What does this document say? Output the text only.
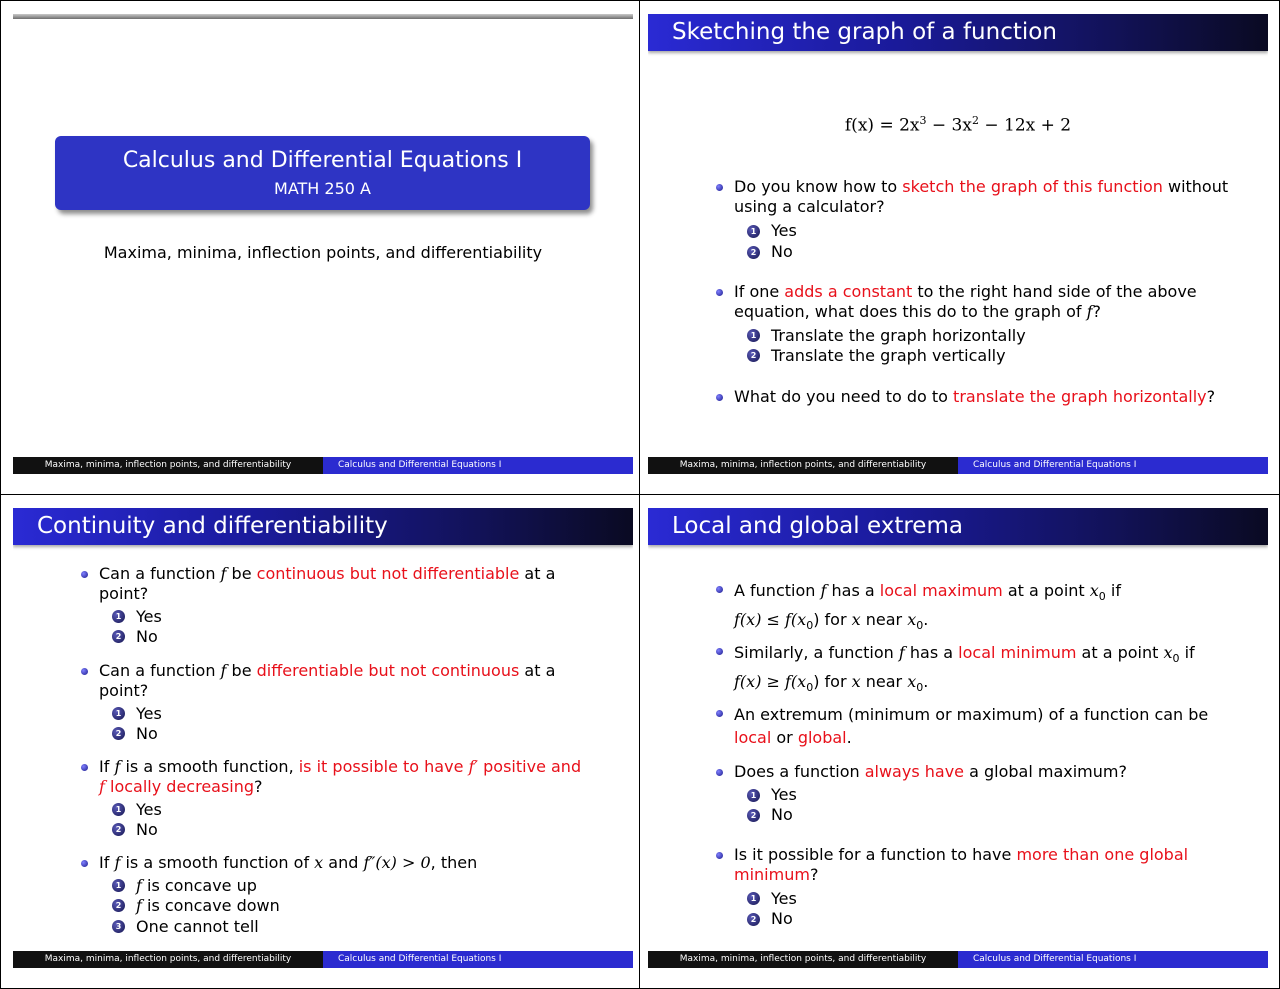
Calculus and Differential Equations I
MATH 250 A
Maxima, minima, inflection points, and differentiability
Maxima, minima, inflection points, and differentiability	Calculus and Differential Equations I
Sketching the graph of a function
$f(x) = 2x^3 - 3x^2 - 12x + 2$
Do you know how to sketch the graph of this function without
using a calculator?
1 Yes
2 No
If one adds a constant to the right hand side of the above
equation, what does this do to the graph of f?
1 Translate the graph horizontally
2 Translate the graph vertically
What do you need to do to translate the graph horizontally?
Maxima, minima, inflection points, and differentiability	Calculus and Differential Equations I
Continuity and differentiability
Can a function f be continuous but not differentiable at a
point?
1 Yes
2 No
Can a function f be differentiable but not continuous at a
point?
1 Yes
2 No
If f is a smooth function, is it possible to have f′ positive and
f locally decreasing?
1 Yes
2 No
If f is a smooth function of x and f″(x) > 0, then
1 f is concave up
2 f is concave down
3 One cannot tell
Maxima, minima, inflection points, and differentiability	Calculus and Differential Equations I
Local and global extrema
A function f has a local maximum at a point $x_0$ if
$f(x) \le f(x_0)$ for x near $x_0$.
Similarly, a function f has a local minimum at a point $x_0$ if
$f(x) \ge f(x_0)$ for x near $x_0$.
An extremum (minimum or maximum) of a function can be
local or global.
Does a function always have a global maximum?
1 Yes
2 No
Is it possible for a function to have more than one global
minimum?
1 Yes
2 No
Maxima, minima, inflection points, and differentiability	Calculus and Differential Equations I
